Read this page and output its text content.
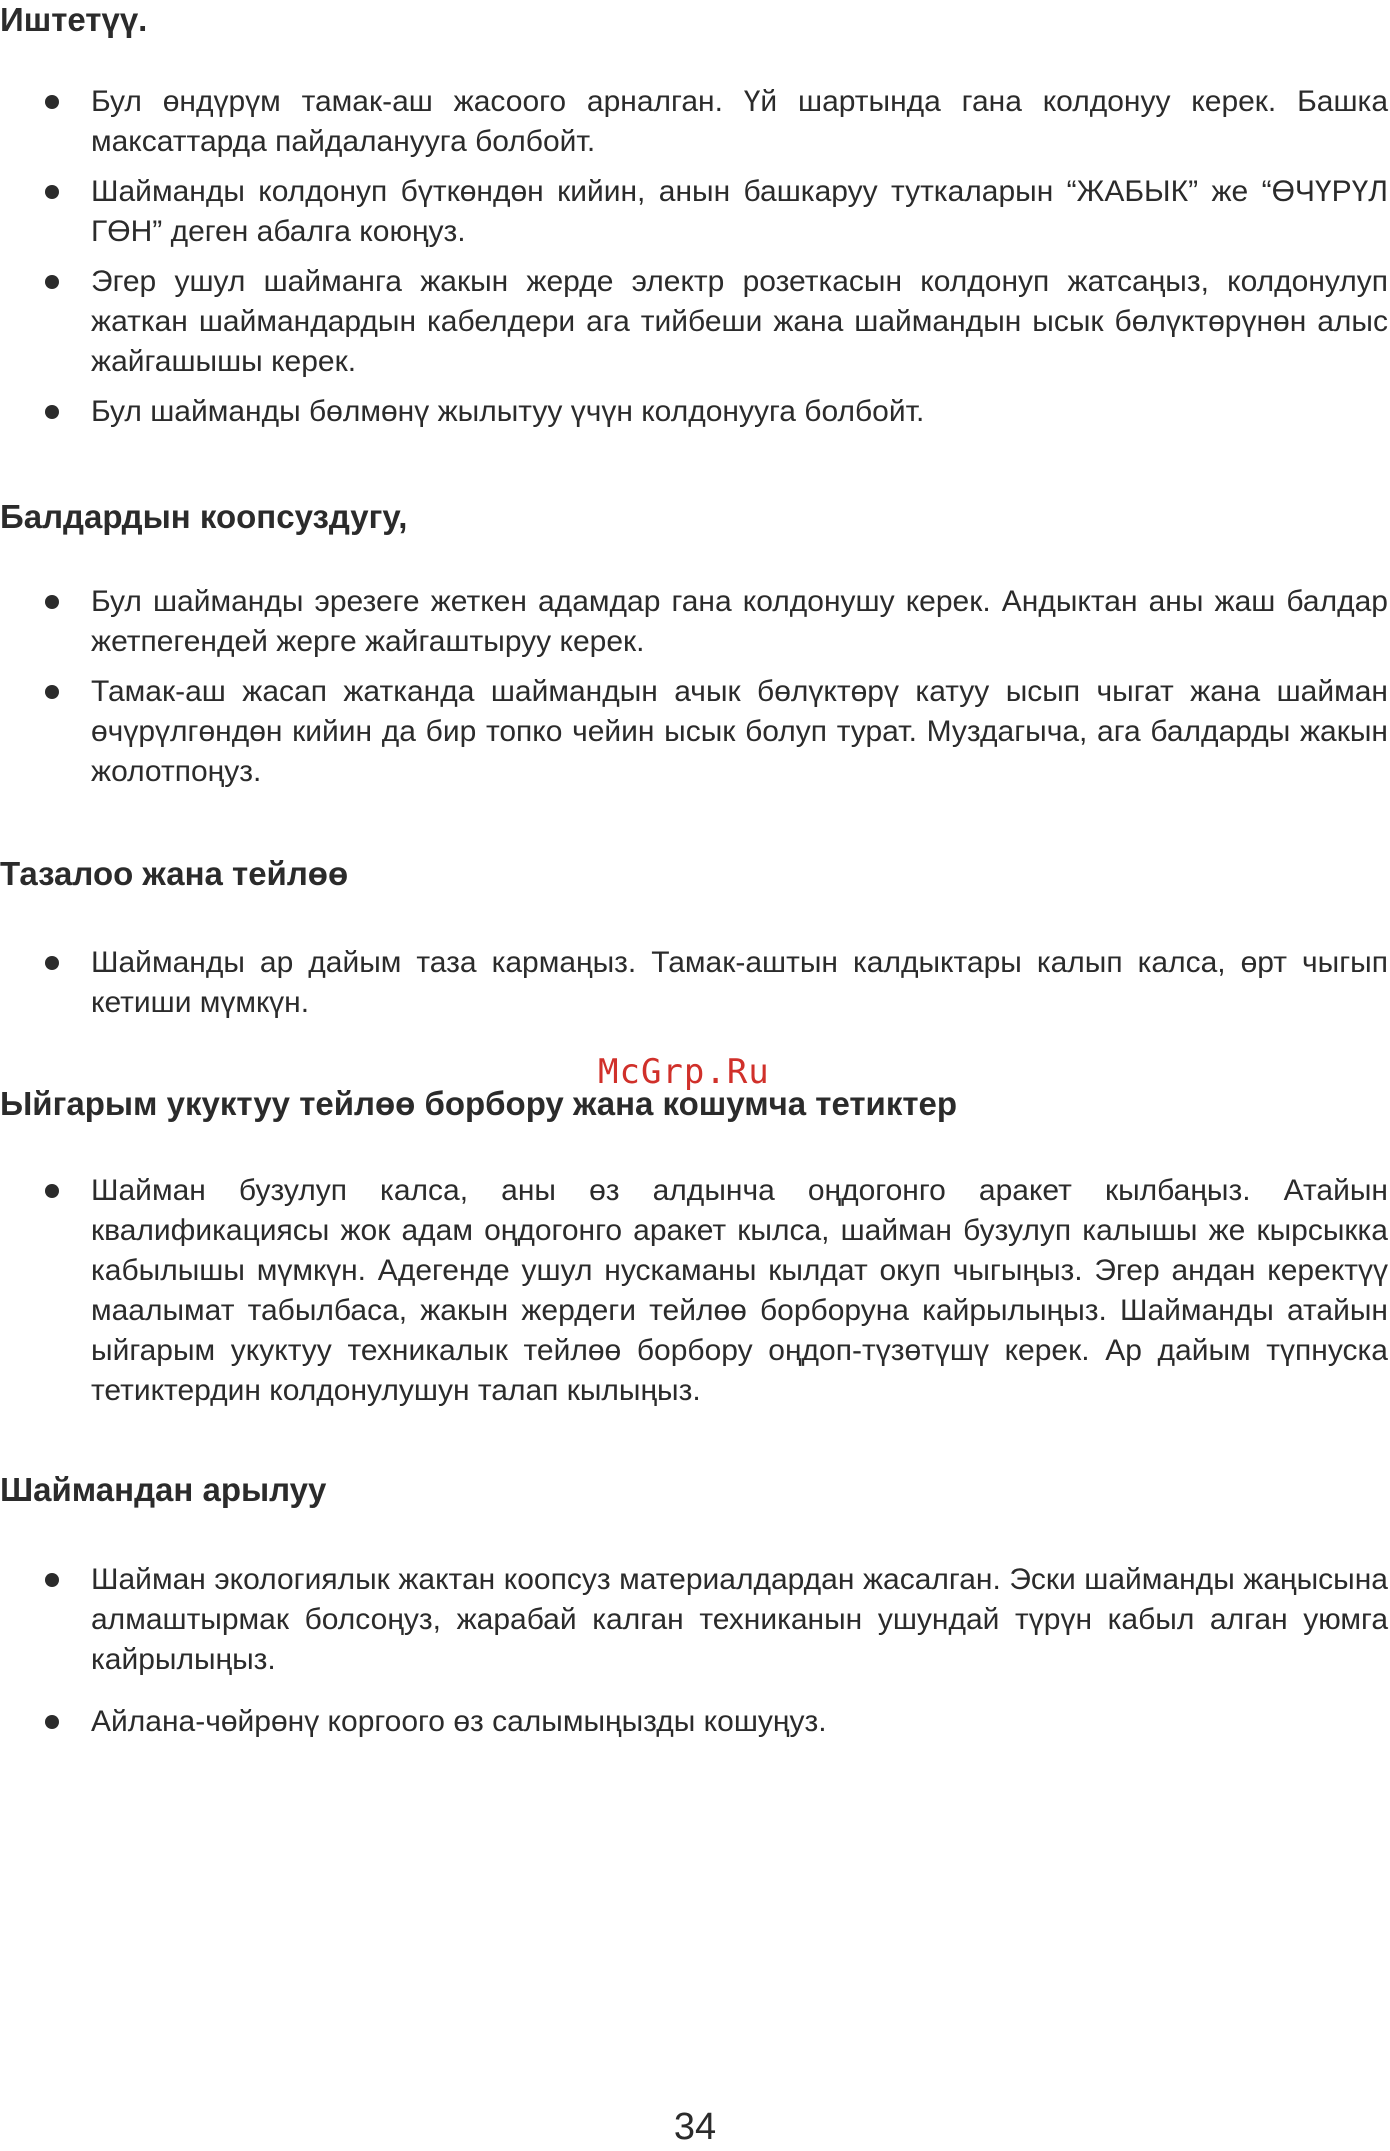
Иштетүү.
Бул өндүрүм тамак-аш жасоого арналган. Үй шартында гана колдонуу керек. Башка максаттарда пайдаланууга болбойт.
Шайманды колдонуп бүткөндөн кийин, анын башкаруу туткаларын “ЖАБЫК” же “ӨЧҮРҮЛ ГӨН” деген абалга коюңуз.
Эгер ушул шайманга жакын жерде электр розеткасын колдонуп жатсаңыз, колдонулуп жаткан шаймандардын кабелдери ага тийбеши жана шаймандын ысык бөлүктөрүнөн алыс жайгашышы керек.
Бул шайманды бөлмөнү жылытуу үчүн колдонууга болбойт.
Балдардын коопсуздугу,
Бул шайманды эрезеге жеткен адамдар гана колдонушу керек. Андыктан аны жаш балдар жетпегендей жерге жайгаштыруу керек.
Тамак-аш жасап жатканда шаймандын ачык бөлүктөрү катуу ысып чыгат жана шайман өчүрүлгөндөн кийин да бир топко чейин ысык болуп турат. Муздагыча, ага балдарды жакын жолотпоңуз.
Тазалоо жана тейлөө
Шайманды ар дайым таза кармаңыз. Тамак-аштын калдыктары калып калса, өрт чыгып кетиши мүмкүн.
McGrp.Ru
Ыйгарым укуктуу тейлөө борбору жана кошумча тетиктер
Шайман бузулуп калса, аны өз алдынча оңдогонго аракет кылбаңыз. Атайын квалификациясы жок адам оңдогонго аракет кылса, шайман бузулуп калышы же кырсыкка кабылышы мүмкүн. Адегенде ушул нускаманы кылдат окуп чыгыңыз. Эгер андан керектүү маалымат табылбаса, жакын жердеги тейлөө борборуна кайрылыңыз. Шайманды атайын ыйгарым укуктуу техникалык тейлөө борбору оңдоп-түзөтүшү керек. Ар дайым түпнуска тетиктердин колдонулушун талап кылыңыз.
Шаймандан арылуу
Шайман экологиялык жактан коопсуз материалдардан жасалган. Эски шайманды жаңысына алмаштырмак болсоңуз, жарабай калган техниканын ушундай түрүн кабыл алган уюмга кайрылыңыз.
Айлана-чөйрөнү коргоого өз салымыңызды кошуңуз.
34
